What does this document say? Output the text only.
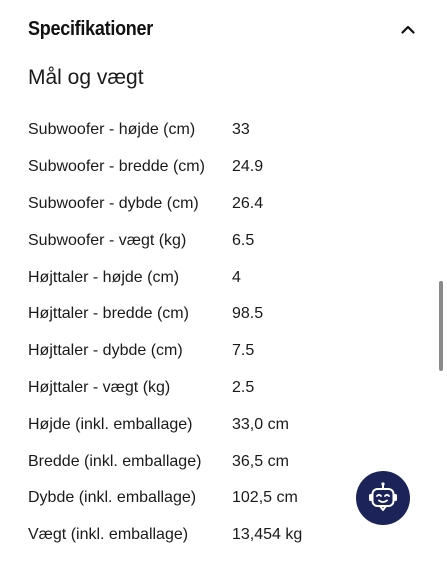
Specifikationer
Mål og vægt
Subwoofer - højde (cm)	33
Subwoofer - bredde (cm)	24.9
Subwoofer - dybde (cm)	26.4
Subwoofer - vægt (kg)	6.5
Højttaler - højde (cm)	4
Højttaler - bredde (cm)	98.5
Højttaler - dybde (cm)	7.5
Højttaler - vægt (kg)	2.5
Højde (inkl. emballage)	33,0 cm
Bredde (inkl. emballage)	36,5 cm
Dybde (inkl. emballage)	102,5 cm
Vægt (inkl. emballage)	13,454 kg
